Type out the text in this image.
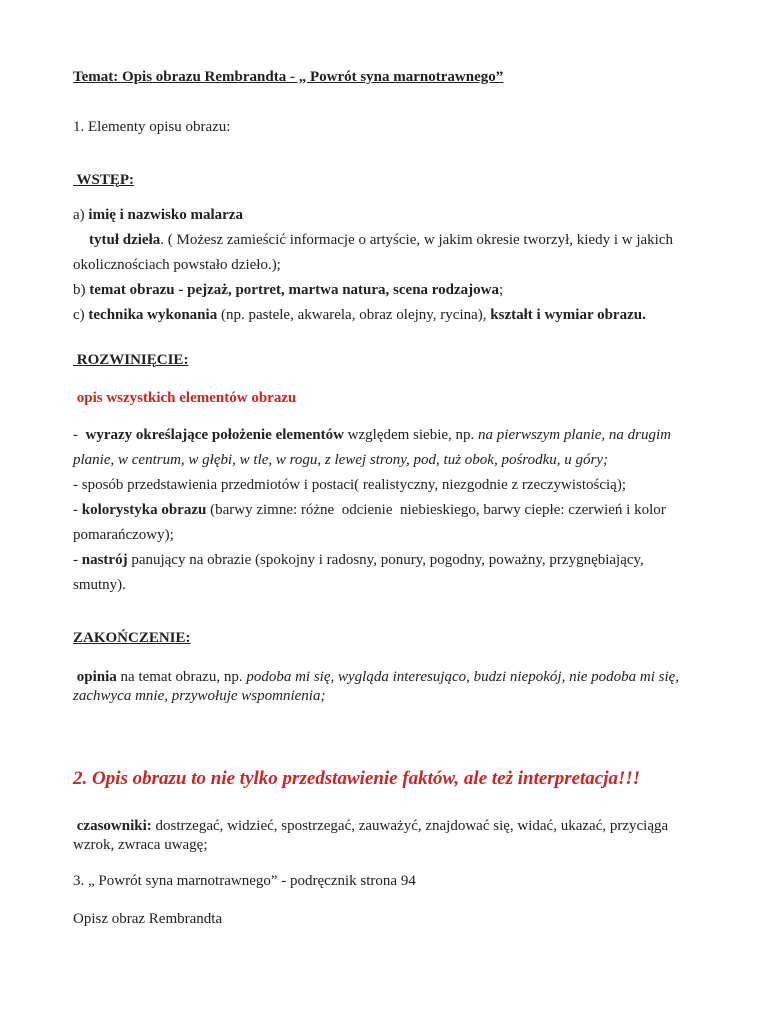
Temat: Opis obrazu Rembrandta - „ Powrót syna marnotrawnego”
1. Elementy opisu obrazu:
WSTĘP:
a) imię i nazwisko malarza
tytuł dzieła. ( Możesz zamieścić informacje o artyście, w jakim okresie tworzył, kiedy i w jakich
okolicznościach powstało dzieło.);
b) temat obrazu - pejzaż, portret, martwa natura, scena rodzajowa;
c) technika wykonania (np. pastele, akwarela, obraz olejny, rycina), kształt i wymiar obrazu.
ROZWINIĘCIE:
opis wszystkich elementów obrazu
-  wyrazy określające położenie elementów względem siebie, np. na pierwszym planie, na drugim
planie, w centrum, w głębi, w tle, w rogu, z lewej strony, pod, tuż obok, pośrodku, u góry;
- sposób przedstawienia przedmiotów i postaci( realistyczny, niezgodnie z rzeczywistością);
- kolorystyka obrazu (barwy zimne: różne  odcienie  niebieskiego, barwy ciepłe: czerwień i kolor
pomarańczowy);
- nastrój panujący na obrazie (spokojny i radosny, ponury, pogodny, poważny, przygnębiający,
smutny).
ZAKOŃCZENIE:
opinia na temat obrazu, np. podoba mi się, wygląda interesująco, budzi niepokój, nie podoba mi się, zachwyca mnie, przywołuje wspomnienia;
2. Opis obrazu to nie tylko przedstawienie faktów, ale też interpretacja!!!
czasowniki: dostrzegać, widzieć, spostrzegać, zauważyć, znajdować się, widać, ukazać, przyciąga wzrok, zwraca uwagę;
3. „ Powrót syna marnotrawnego” - podręcznik strona 94
Opisz obraz Rembrandta
